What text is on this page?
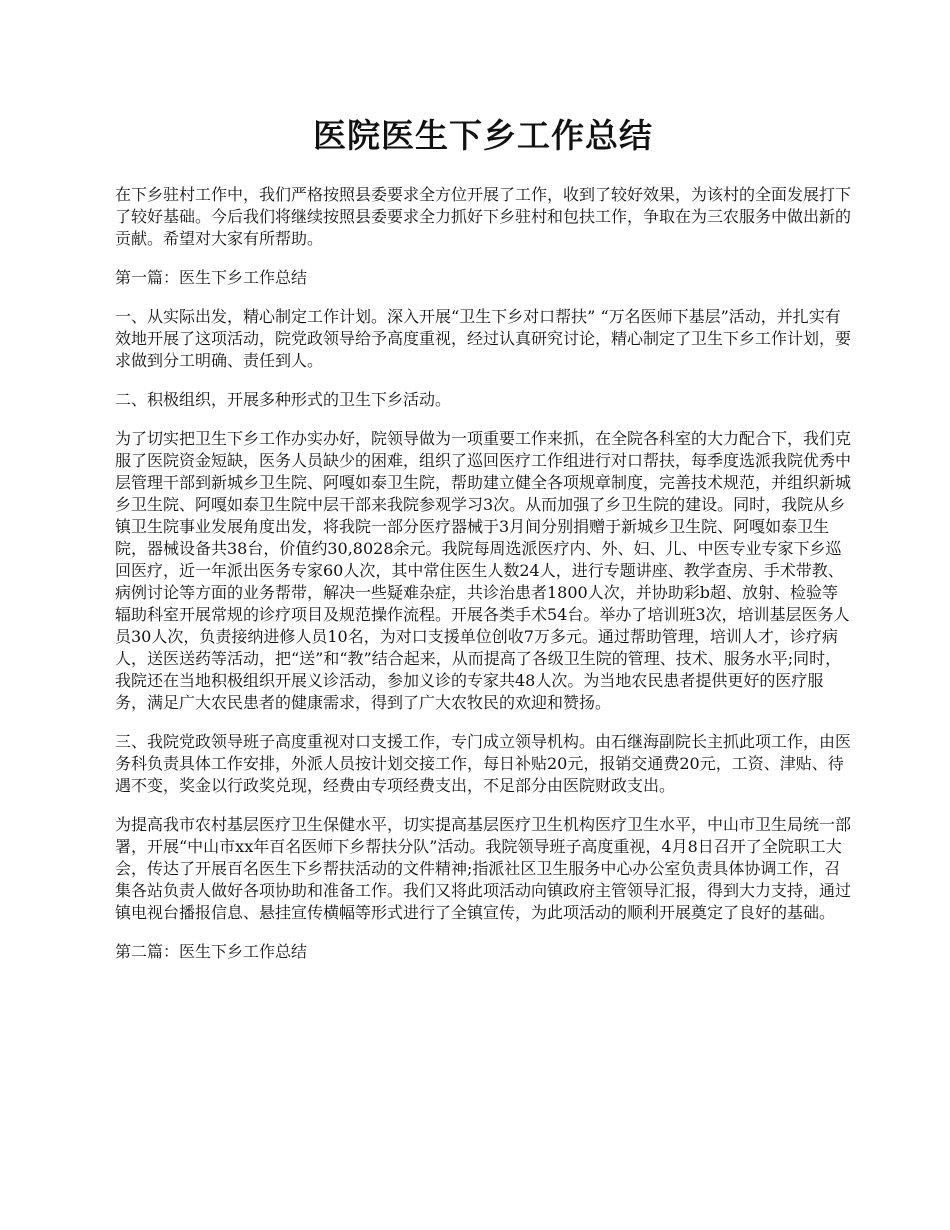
医院医生下乡工作总结

在下乡驻村工作中，我们严格按照县委要求全方位开展了工作，收到了较好效果，为该村的全面发展打下了较好基础。今后我们将继续按照县委要求全力抓好下乡驻村和包扶工作，争取在为三农服务中做出新的贡献。希望对大家有所帮助。

第一篇：医生下乡工作总结

一、从实际出发，精心制定工作计划。深入开展“卫生下乡对口帮扶” “万名医师下基层”活动，并扎实有效地开展了这项活动，院党政领导给予高度重视，经过认真研究讨论，精心制定了卫生下乡工作计划，要求做到分工明确、责任到人。

二、积极组织，开展多种形式的卫生下乡活动。

为了切实把卫生下乡工作办实办好，院领导做为一项重要工作来抓，在全院各科室的大力配合下，我们克服了医院资金短缺，医务人员缺少的困难，组织了巡回医疗工作组进行对口帮扶，每季度选派我院优秀中层管理干部到新城乡卫生院、阿嘎如泰卫生院，帮助建立健全各项规章制度，完善技术规范，并组织新城乡卫生院、阿嘎如泰卫生院中层干部来我院参观学习3次。从而加强了乡卫生院的建设。同时，我院从乡镇卫生院事业发展角度出发，将我院一部分医疗器械于3月间分别捐赠于新城乡卫生院、阿嘎如泰卫生院，器械设备共38台，价值约30,8028余元。我院每周选派医疗内、外、妇、儿、中医专业专家下乡巡回医疗，近一年派出医务专家60人次，其中常住医生人数24人，进行专题讲座、教学查房、手术带教、病例讨论等方面的业务帮带，解决一些疑难杂症，共诊治患者1800人次，并协助彩b超、放射、检验等辐助科室开展常规的诊疗项目及规范操作流程。开展各类手术54台。举办了培训班3次，培训基层医务人员30人次，负责接纳进修人员10名，为对口支援单位创收7万多元。通过帮助管理，培训人才，诊疗病人，送医送药等活动，把“送”和“教”结合起来，从而提高了各级卫生院的管理、技术、服务水平;同时，我院还在当地积极组织开展义诊活动，参加义诊的专家共48人次。为当地农民患者提供更好的医疗服务，满足广大农民患者的健康需求，得到了广大农牧民的欢迎和赞扬。

三、我院党政领导班子高度重视对口支援工作，专门成立领导机构。由石继海副院长主抓此项工作，由医务科负责具体工作安排，外派人员按计划交接工作，每日补贴20元，报销交通费20元，工资、津贴、待遇不变，奖金以行政奖兑现，经费由专项经费支出，不足部分由医院财政支出。

为提高我市农村基层医疗卫生保健水平，切实提高基层医疗卫生机构医疗卫生水平，中山市卫生局统一部署，开展“中山市xx年百名医师下乡帮扶分队”活动。我院领导班子高度重视，4月8日召开了全院职工大会，传达了开展百名医生下乡帮扶活动的文件精神;指派社区卫生服务中心办公室负责具体协调工作，召集各站负责人做好各项协助和准备工作。我们又将此项活动向镇政府主管领导汇报，得到大力支持，通过镇电视台播报信息、悬挂宣传横幅等形式进行了全镇宣传，为此项活动的顺利开展奠定了良好的基础。

第二篇：医生下乡工作总结
